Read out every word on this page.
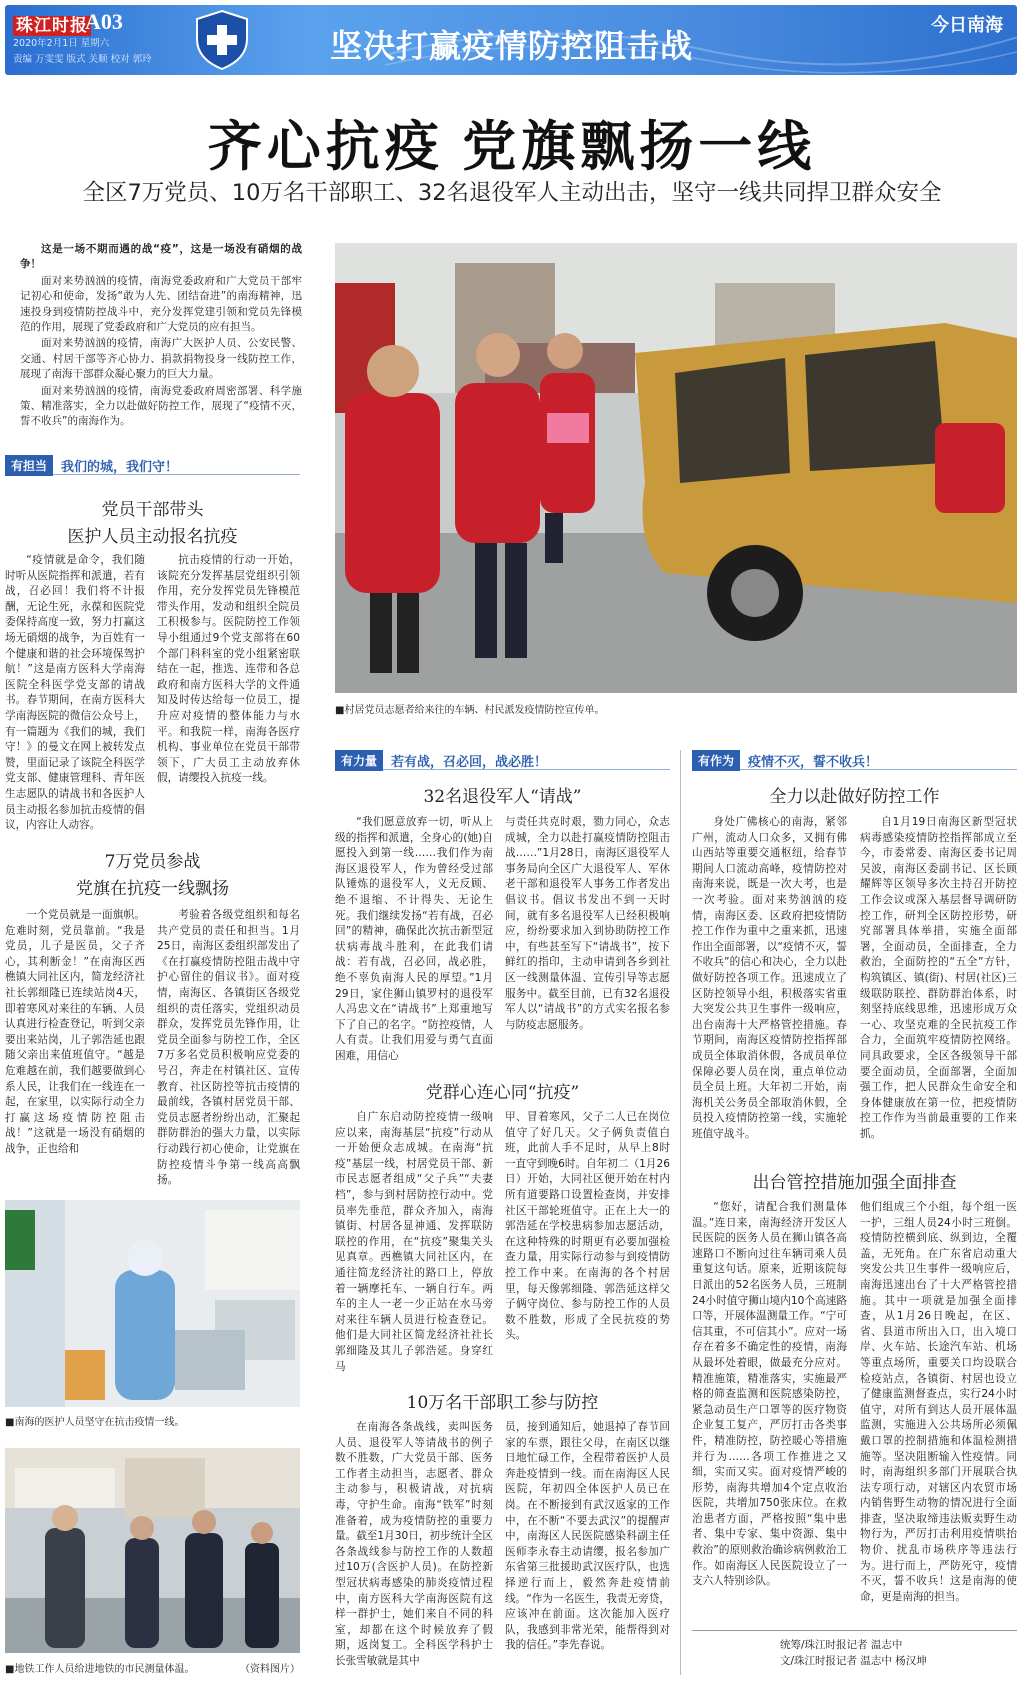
珠江时报
A03
2020年2月1日 星期六
责编 万雯雯 版式 关顺 校对 郭玲	坚决打赢疫情防控阻击战
今日南海
齐心抗疫 党旗飘扬一线
全区7万党员、10万名干部职工、32名退役军人主动出击，坚守一线共同捍卫群众安全

这是一场不期而遇的战“疫”，这是一场没有硝烟的战争！

面对来势汹汹的疫情，南海党委政府和广大党员干部牢记初心和使命，发扬“敢为人先、团结奋进”的南海精神，迅速投身到疫情防控战斗中，充分发挥党建引领和党员先锋模范的作用，展现了党委政府和广大党员的应有担当。

面对来势汹汹的疫情，南海广大医护人员、公安民警、交通、村居干部等齐心协力、捐款捐物投身一线防控工作，展现了南海干部群众凝心聚力的巨大力量。

面对来势汹汹的疫情，南海党委政府周密部署、科学施策、精准落实，全力以赴做好防控工作，展现了“疫情不灭，誓不收兵”的南海作为。

有担当	我们的城，我们守！
党员干部带头
医护人员主动报名抗疫

“疫情就是命令，我们随时听从医院指挥和派遣，若有战，召必回！我们将不计报酬，无论生死，永葆和医院党委保持高度一致，努力打赢这场无硝烟的战争，为百姓有一个健康和谐的社会环境保驾护航！”这是南方医科大学南海医院全科医学党支部的请战书。春节期间，在南方医科大学南海医院的微信公众号上，有一篇题为《我们的城，我们守！》的曼文在网上被转发点赞，里面记录了该院全科医学党支部、健康管理科、青年医生志愿队的请战书和各医护人员主动报名参加抗击疫情的倡议，内容让人动容。

抗击疫情的行动一开始，该院充分发挥基层党组织引领作用，充分发挥党员先锋模范带头作用，发动和组织全院员工积极参与。医院防控工作领导小组通过9个党支部将在60个部门科科室的党小组紧密联结在一起，推选、连带和各总政府和南方医科大学的文件通知及时传达给每一位员工，提升应对疫情的整体能力与水平。和我院一样，南海各医疗机构、事业单位在党员干部带领下，广大员工主动放弃休假，请缨投入抗疫一线。

7万党员参战
党旗在抗疫一线飘扬

一个党员就是一面旗帜。危难时刻，党员靠前。“我是党员，儿子是医员，父子齐心，其利断金！”在南海区西樵镇大同社区内，简龙经济社社长郭细隆已连续站岗4天，即着寒风对来往的车辆、人员认真进行检查登记，听到父亲要出来站岗，儿子郭浩延也跟随父亲出来值班值守。“越是危难越在前，我们越要做到心系人民，让我们在一线连在一起，在家里，以实际行动全力打赢这场疫情防控阻击战！”这就是一场没有硝烟的战争，正也给和

考验着各级党组织和每名共产党员的责任和担当。1月25日，南海区委组织部发出了《在打赢疫情防控阻击战中守护心留住的倡议书》。面对疫情，南海区、各镇街区各级党组织的责任落实，党组织动员群众，发挥党员先锋作用，让党员全面参与防控工作，全区7万多名党员积极响应党委的号召，奔走在村镇社区、宣传教育、社区防控等抗击疫情的最前线，各镇村居党员干部、党员志愿者纷纷出动，汇聚起群防群治的强大力量，以实际行动践行初心使命，让党旗在防控疫情斗争第一线高高飘扬。

■南海的医护人员坚守在抗击疫情一线。
■地铁工作人员给进地铁的市民测量体温。	（资料图片）
■村居党员志愿者给来往的车辆、村民派发疫情防控宣传单。
有力量	若有战，召必回，战必胜！
32名退役军人“请战”

“我们愿意放弃一切，听从上级的指挥和派遣，全身心的(她)自愿投入到第一线……我们作为南海区退役军人，作为曾经受过部队锤炼的退役军人，义无反顾、绝不退缩、不计得失、无论生死。我们继续发扬“若有战，召必回”的精神，确保此次抗击新型冠状病毒战斗胜利，在此我们请战：若有战，召必回，战必胜，绝不辜负南海人民的厚望。”1月29日，家住狮山镇罗村的退役军人冯忠文在“请战书”上郑重地写下了自己的名字。“防控疫情，人人有责。让我们用爱与勇气直面困难，用信心

与责任共克时艰，勠力同心，众志成城，全力以赴打赢疫情防控阻击战……”1月28日，南海区退役军人事务局向全区广大退役军人、军休老干部和退役军人事务工作者发出倡议书。倡议书发出不到一天时间，就有多名退役军人已经积极响应，纷纷要求加入到协助防控工作中，有些甚至写下“请战书”，按下鲜红的指印，主动申请到各乡到社区一线测量体温、宣传引导等志愿服务中。截至目前，已有32名退役军人以“请战书”的方式实名报名参与防疫志愿服务。

党群心连心同“抗疫”

自广东启动防控疫情一级响应以来，南海基层“抗疫”行动从一开始便众志成城。在南海“抗疫”基层一线，村居党员干部、新市民志愿者组成“父子兵”“夫妻档”，参与到村居防控行动中。党员率先垂范，群众齐加入，南海镇街、村居各显神通、发挥联防联控的作用，在“抗疫”聚集关头见真章。西樵镇大同社区内，在通往简龙经济社的路口上，停放着一辆摩托车、一辆自行车。两车的主人一老一少正站在水马旁对来往车辆人员进行检查登记。他们是大同社区简龙经济社社长郭细隆及其儿子郭浩延。身穿红马

甲、冒着寒风，父子二人已在岗位值守了好几天。父子俩负责值白班，此前人手不足时，从早上8时一直守到晚6时。自年初二（1月26日）开始，大同社区便开始在村内所有道要路口设置检查岗，并安排社区干部轮班值守。正在上大一的郭浩延在学校患病参加志愿活动，在这种特殊的时期更有必要加强检查力量，用实际行动参与到疫情防控工作中来。在南海的各个村居里，每天像郭细隆、郭浩延这样父子俩守岗位、参与防控工作的人员数不胜数，形成了全民抗疫的势头。

10万名干部职工参与防控

在南海各条战线，卖叫医务人员、退役军人等请战书的例子数不胜数，广大党员干部、医务工作者主动担当，志愿者、群众主动参与，积极请战，对抗病毒，守护生命。南海“铁军”时刻准备着，成为疫情防控的重要力量。截至1月30日，初步统计全区各条战线参与防控工作的人数超过10万(含医护人员)。在防控新型冠状病毒感染的肺炎疫情过程中，南方医科大学南海医院有这样一群护士，她们来自不同的科室，却都在这个时候放弃了假期，返岗复工。全科医学科护士长张雪敏就是其中

员，接到通知后，她退掉了春节回家的车票，跟往父母，在南区以继日地忙碌工作，全程带着医护人员奔赴疫情到一线。而在南海区人民医院，年初四全体医护人员已在岗。在不断接到有武汉返家的工作中，在不断“不要去武汉”的提醒声中，南海区人民医院感染科副主任医师李永春主动请缨，报名参加广东省第三批援助武汉医疗队，也选择逆行而上，毅然奔赴疫情前线。“作为一名医生，我责无旁贷，应该冲在前面。这次能加入医疗队，我感到非常光荣，能帮得到对我的信任。”李先春说。

有作为	疫情不灭，誓不收兵！
全力以赴做好防控工作

身处广佛核心的南海，紧邻广州，流动人口众多，又拥有佛山西站等重要交通枢纽，给春节期间人口流动高峰，疫情防控对南海来说，既是一次大考，也是一次考验。面对来势汹汹的疫情，南海区委、区政府把疫情防控工作作为重中之重来抓，迅速作出全面部署，以“疫情不灭，誓不收兵”的信心和决心，全力以赴做好防控各项工作。迅速成立了区防控领导小组，积极落实省重大突发公共卫生事件一级响应，出台南海十大严格管控措施。春节期间，南海区疫情防控指挥部成员全体取消休假，各成员单位保障必要人员在岗，重点单位动员全员上班。大年初二开始，南海机关公务员全部取消休假，全员投入疫情防控第一线，实施轮班值守战斗。

自1月19日南海区新型冠状病毒感染疫情防控指挥部成立至今，市委常委、南海区委书记周吴波，南海区委副书记、区长顾耀辉等区领导多次主持召开防控工作会议或深入基层督导调研防控工作，研判全区防控形势，研究部署具体举措，实施全面部署，全面动员，全面排查，全力救治，全面防控的“五全”方针，构筑镇区、镇(街)、村居(社区)三级联防联控、群防群治体系，时刻坚持底线思维，迅速形成万众一心、攻坚克难的全民抗疫工作合力，全面筑牢疫情防控网络。同具政要求，全区各级领导干部要全面动员，全面部署，全面加强工作，把人民群众生命安全和身体健康放在第一位，把疫情防控工作作为当前最重要的工作来抓。

出台管控措施加强全面排查

“您好，请配合我们测量体温。”连日来，南海经济开发区人民医院的医务人员在狮山镇各高速路口不断向过往车辆司乘人员重复这句话。原来，近期该院每日派出的52名医务人员，三班制24小时值守狮山境内10个高速路口等，开展体温测量工作。“宁可信其重，不可信其小”。应对一场存在着多不确定性的疫情，南海从最坏处着眼，做最充分应对。精准施策，精准落实，实施最严格的筛查监测和医院感染防控，紧急动员生产口罩等的医疗物资企业复工复产，严厉打击各类事件，精准防控，防控暖心等措施并行为……各项工作推进之又细，实而又实。面对疫情严峻的形势，南海共增加4个定点收治医院，共增加750张床位。在救治患者方面，严格按照“集中患者、集中专家、集中资源、集中救治”的原则救治确诊病例救治工作。如南海区人民医院设立了一支六人特别诊队。

他们组成三个小组，每个组一医一护，三组人员24小时三班倒。疫情防控横到底、纵到边，全覆盖，无死角。在广东省启动重大突发公共卫生事件一级响应后，南海迅速出台了十大严格管控措施。其中一项就是加强全面排查，从1月26日晚起，在区、省、县道市所出入口，出入境口岸、火车站、长途汽车站、机场等重点场所，重要关口均设联合检疫站点，各镇街、村居也设立了健康监测督查点，实行24小时值守，对所有到达人员开展体温监测，实施进入公共场所必须佩戴口罩的控制措施和体温检测措施等。坚决阻断输入性疫情。同时，南海组织多部门开展联合执法专项行动，对辖区内农贸市场内销售野生动物的情况进行全面排查，坚决取缔违法贩卖野生动物行为，严厉打击利用疫情哄抬物价、扰乱市场秩序等违法行为。进行而上，严防死守，疫情不灭，誓不收兵！这是南海的使命，更是南海的担当。

统筹/珠江时报记者 温志中
文/珠江时报记者 温志中 杨汉坤
